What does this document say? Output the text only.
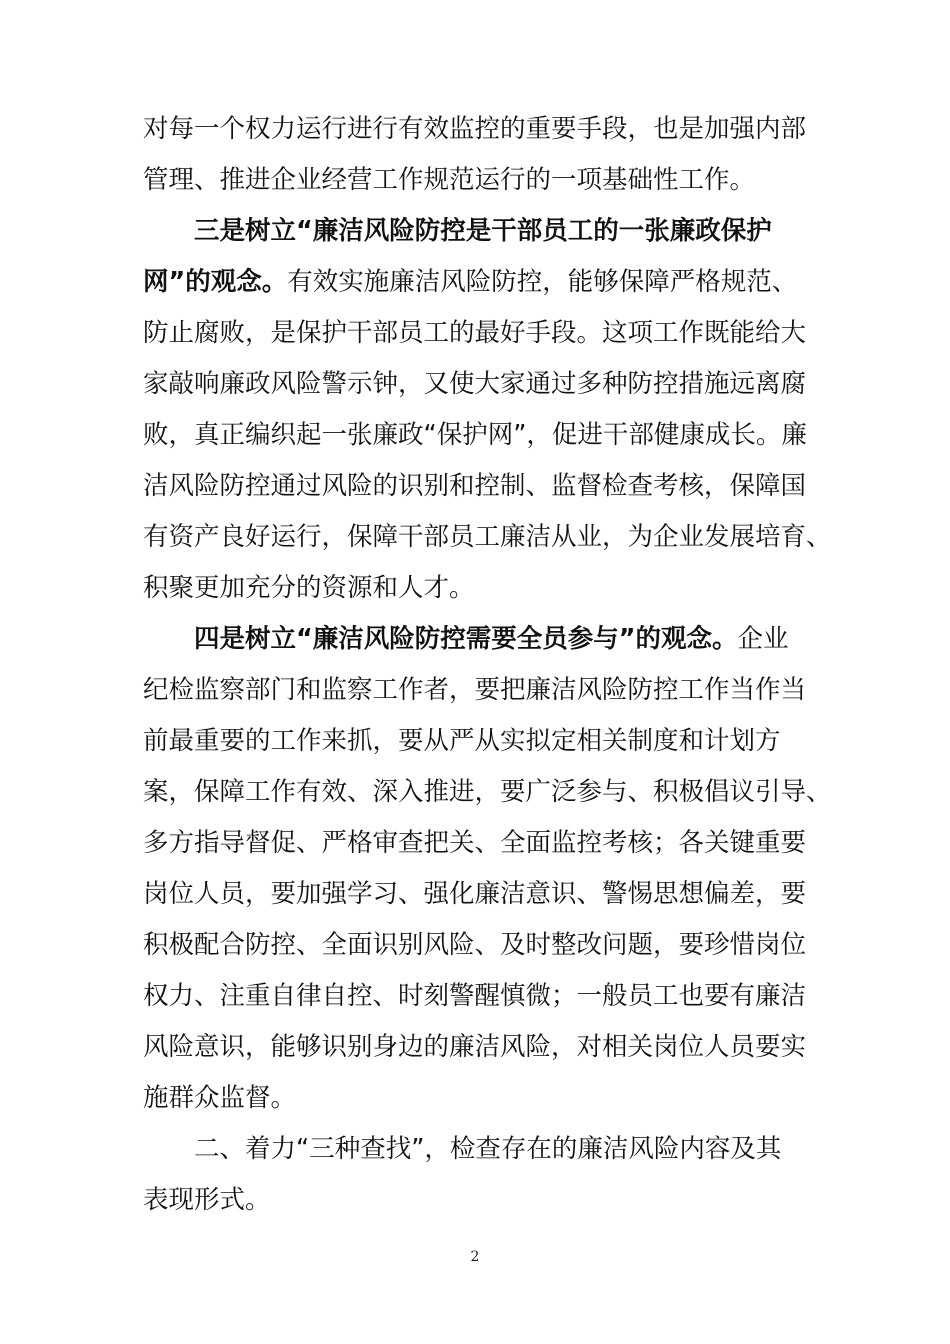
对每一个权力运行进行有效监控的重要手段，也是加强内部
管理、推进企业经营工作规范运行的一项基础性工作。
三是树立“廉洁风险防控是干部员工的一张廉政保护
网”的观念。有效实施廉洁风险防控，能够保障严格规范、
防止腐败，是保护干部员工的最好手段。这项工作既能给大
家敲响廉政风险警示钟，又使大家通过多种防控措施远离腐
败，真正编织起一张廉政“保护网”，促进干部健康成长。廉
洁风险防控通过风险的识别和控制、监督检查考核，保障国
有资产良好运行，保障干部员工廉洁从业，为企业发展培育、
积聚更加充分的资源和人才。
四是树立“廉洁风险防控需要全员参与”的观念。企业
纪检监察部门和监察工作者，要把廉洁风险防控工作当作当
前最重要的工作来抓，要从严从实拟定相关制度和计划方
案，保障工作有效、深入推进，要广泛参与、积极倡议引导、
多方指导督促、严格审查把关、全面监控考核；各关键重要
岗位人员，要加强学习、强化廉洁意识、警惕思想偏差，要
积极配合防控、全面识别风险、及时整改问题，要珍惜岗位
权力、注重自律自控、时刻警醒慎微；一般员工也要有廉洁
风险意识，能够识别身边的廉洁风险，对相关岗位人员要实
施群众监督。
二、着力“三种查找”，检查存在的廉洁风险内容及其
表现形式。
2
